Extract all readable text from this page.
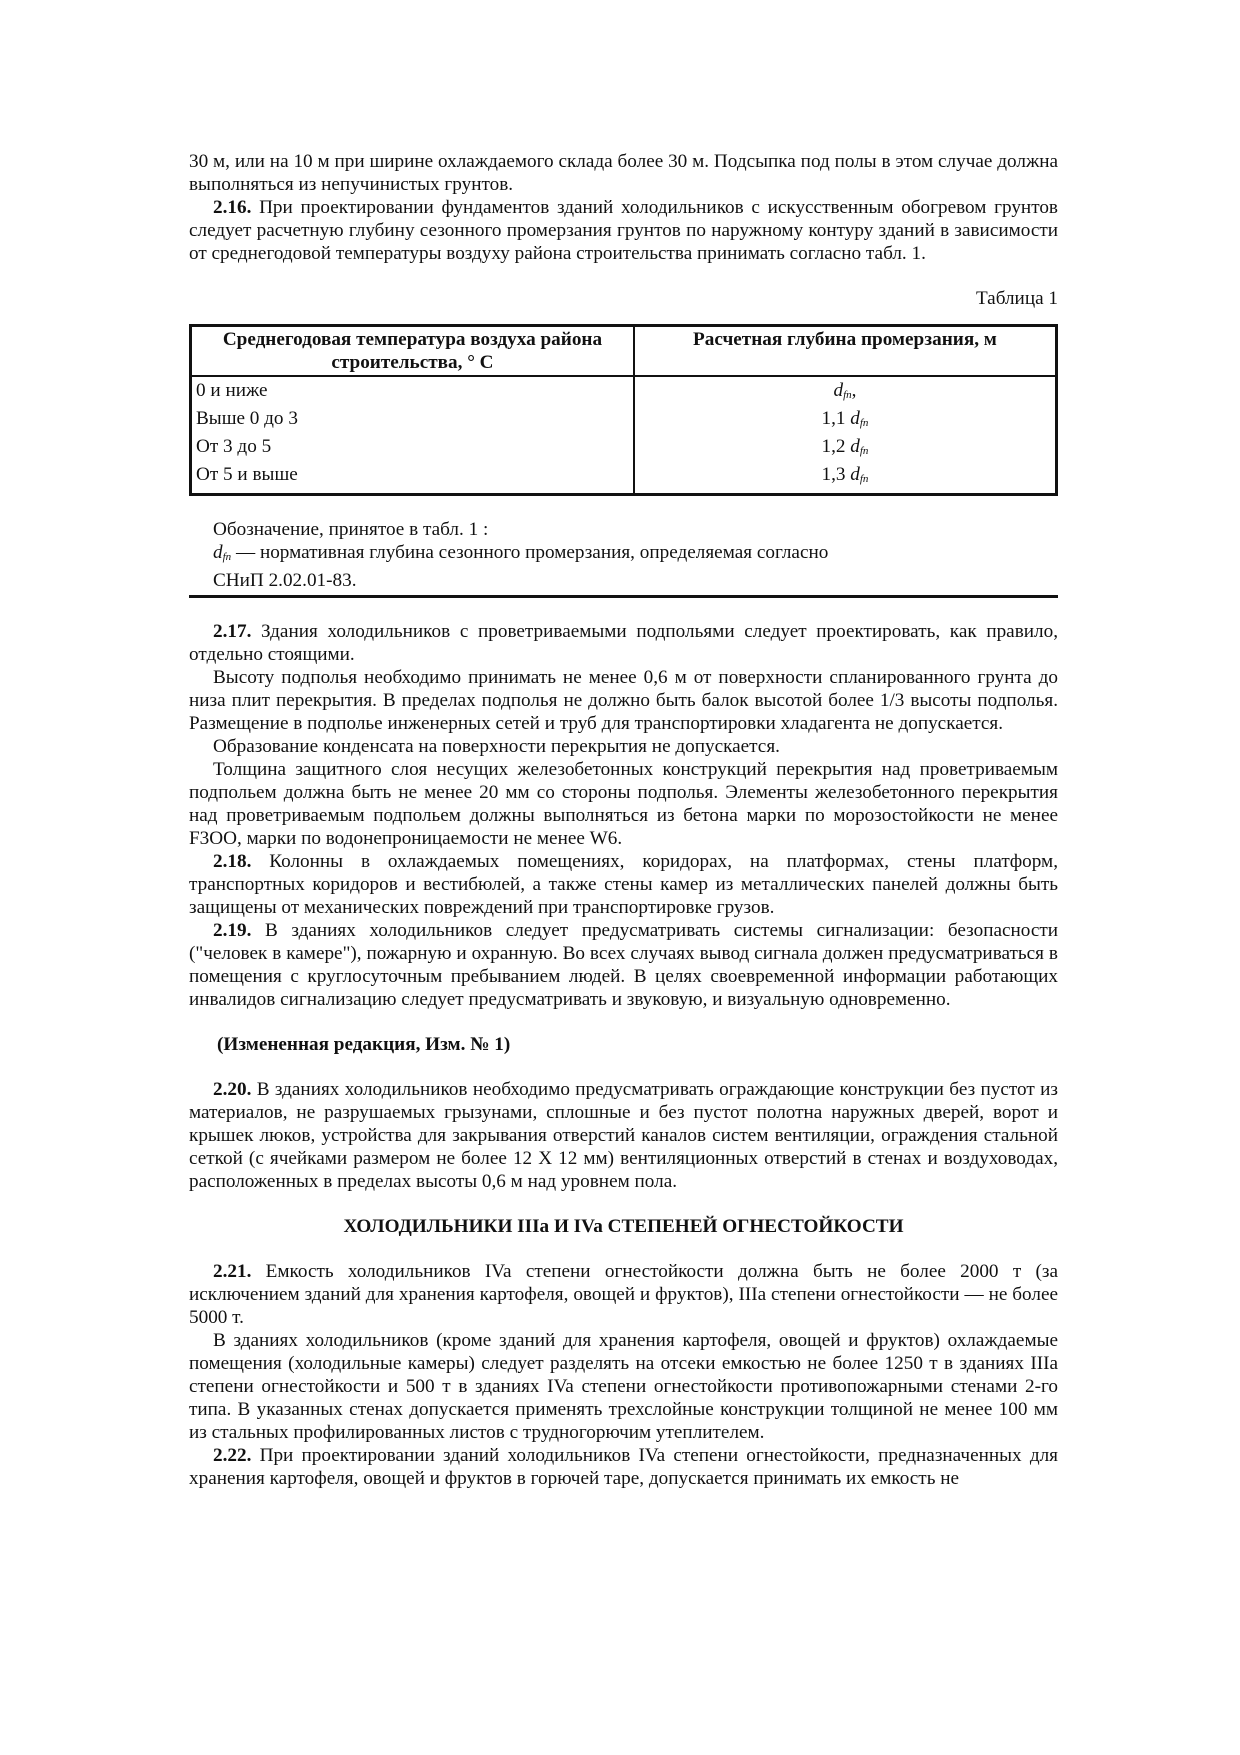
30 м, или на 10 м при ширине охлаждаемого склада более 30 м. Подсыпка под полы в этом случае должна выполняться из непучинистых грунтов.

2.16. При проектировании фундаментов зданий холодильников с искусственным обогревом грунтов следует расчетную глубину сезонного промерзания грунтов по наружному контуру зданий в зависимости от среднегодовой температуры воздуху района строительства принимать согласно табл. 1.

Таблица 1
Среднегодовая температура воздуха района строительства, ° С	Расчетная глубина промерзания, м
0 и ниже	$d_{fn}$,
Выше 0 до 3	1,1 $d_{fn}$
От 3 до 5	1,2 $d_{fn}$
От 5 и выше	1,3 $d_{fn}$

Обозначение, принятое в табл. 1 :

$d_{fn}$ — нормативная глубина сезонного промерзания, определяемая согласно

СНиП 2.02.01-83.

2.17. Здания холодильников с проветриваемыми подпольями следует проектировать, как правило, отдельно стоящими.

Высоту подполья необходимо принимать не менее 0,6 м от поверхности спланированного грунта до низа плит перекрытия. В пределах подполья не должно быть балок высотой более 1/3 высоты подполья. Размещение в подполье инженерных сетей и труб для транспортировки хладагента не допускается.

Образование конденсата на поверхности перекрытия не допускается.

Толщина защитного слоя несущих железобетонных конструкций перекрытия над проветриваемым подпольем должна быть не менее 20 мм со стороны подполья. Элементы железобетонного перекрытия над проветриваемым подпольем должны выполняться из бетона марки по морозостойкости не менее F3OO, марки по водонепроницаемости не менее W6.

2.18. Колонны в охлаждаемых помещениях, коридорах, на платформах, стены платформ, транспортных коридоров и вестибюлей, а также стены камер из металлических панелей должны быть защищены от механических повреждений при транспортировке грузов.

2.19. В зданиях холодильников следует предусматривать системы сигнализации: безопасности ("человек в камере"), пожарную и охранную. Во всех случаях вывод сигнала должен предусматриваться в помещения с круглосуточным пребыванием людей. В целях своевременной информации работающих инвалидов сигнализацию следует предусматривать и звуковую, и визуальную одновременно.

(Измененная редакция, Изм. № 1)

2.20. В зданиях холодильников необходимо предусматривать ограждающие конструкции без пустот из материалов, не разрушаемых грызунами, сплошные и без пустот полотна наружных дверей, ворот и крышек люков, устройства для закрывания отверстий каналов систем вентиляции, ограждения стальной сеткой (с ячейками размером не более 12 Х 12 мм) вентиляционных отверстий в стенах и воздуховодах, расположенных в пределах высоты 0,6 м над уровнем пола.

ХОЛОДИЛЬНИКИ IIIa И IVa СТЕПЕНЕЙ ОГНЕСТОЙКОСТИ

2.21. Емкость холодильников IVa степени огнестойкости должна быть не более 2000 т (за исключением зданий для хранения картофеля, овощей и фруктов), IIIa степени огнестойкости — не более 5000 т.

В зданиях холодильников (кроме зданий для хранения картофеля, овощей и фруктов) охлаждаемые помещения (холодильные камеры) следует разделять на отсеки емкостью не более 1250 т в зданиях IIIa степени огнестойкости и 500 т в зданиях IVa степени огнестойкости противопожарными стенами 2-го типа. В указанных стенах допускается применять трехслойные конструкции толщиной не менее 100 мм из стальных профилированных листов с трудногорючим утеплителем.

2.22. При проектировании зданий холодильников IVa степени огнестойкости, предназначенных для хранения картофеля, овощей и фруктов в горючей таре, допускается принимать их емкость не
